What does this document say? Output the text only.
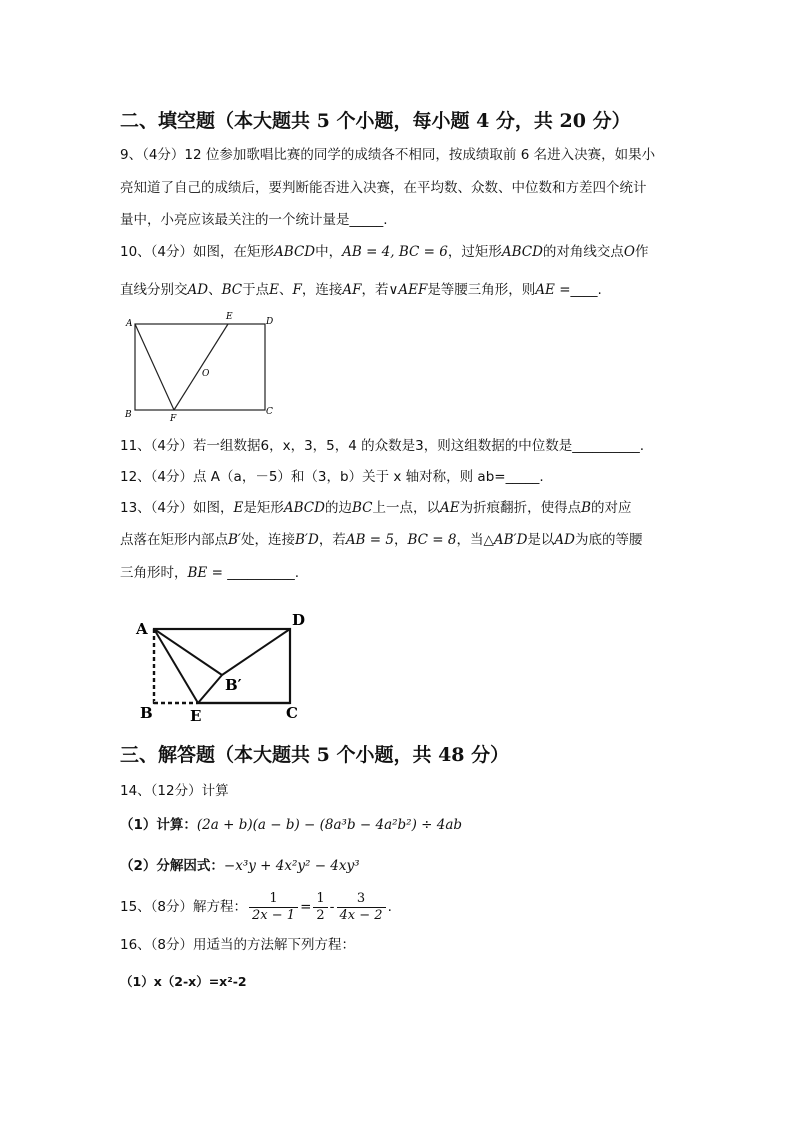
二、填空题（本大题共 5 个小题，每小题 4 分，共 20 分）
9、（4分）12 位参加歌唱比赛的同学的成绩各不相同，按成绩取前 6 名进入决赛，如果小
亮知道了自己的成绩后，要判断能否进入决赛，在平均数、众数、中位数和方差四个统计
量中，小亮应该最关注的一个统计量是_____.
10、（4分）如图，在矩形ABCD中，AB = 4, BC = 6，过矩形ABCD的对角线交点O作
直线分别交AD、BC于点E、F，连接AF，若∨AEF是等腰三角形，则AE =____.
A
B	C
D
E
F
O
11、（4分）若一组数据6，x，3，5，4 的众数是3，则这组数据的中位数是__________.
12、（4分）点 A（a，－5）和（3，b）关于 x 轴对称，则 ab=_____.
13、（4分）如图，E是矩形ABCD的边BC上一点，以AE为折痕翻折，使得点B的对应
点落在矩形内部点B′处，连接B′D，若AB = 5，BC = 8，当△AB′D是以AD为底的等腰
三角形时，BE = __________.
A
B	C
D
E
B′
三、解答题（本大题共 5 个小题，共 48 分）
14、（12分）计算
（1）计算：(2a + b)(a − b) − (8a³b − 4a²b²) ÷ 4ab
（2）分解因式：−x³y + 4x²y² − 4xy³
15、（8分）解方程： $\frac{1}{2x - 1} = \frac{1}{2} - \frac{3}{4x - 2}$ .
16、（8分）用适当的方法解下列方程：
（1）x（2-x）=x²-2
